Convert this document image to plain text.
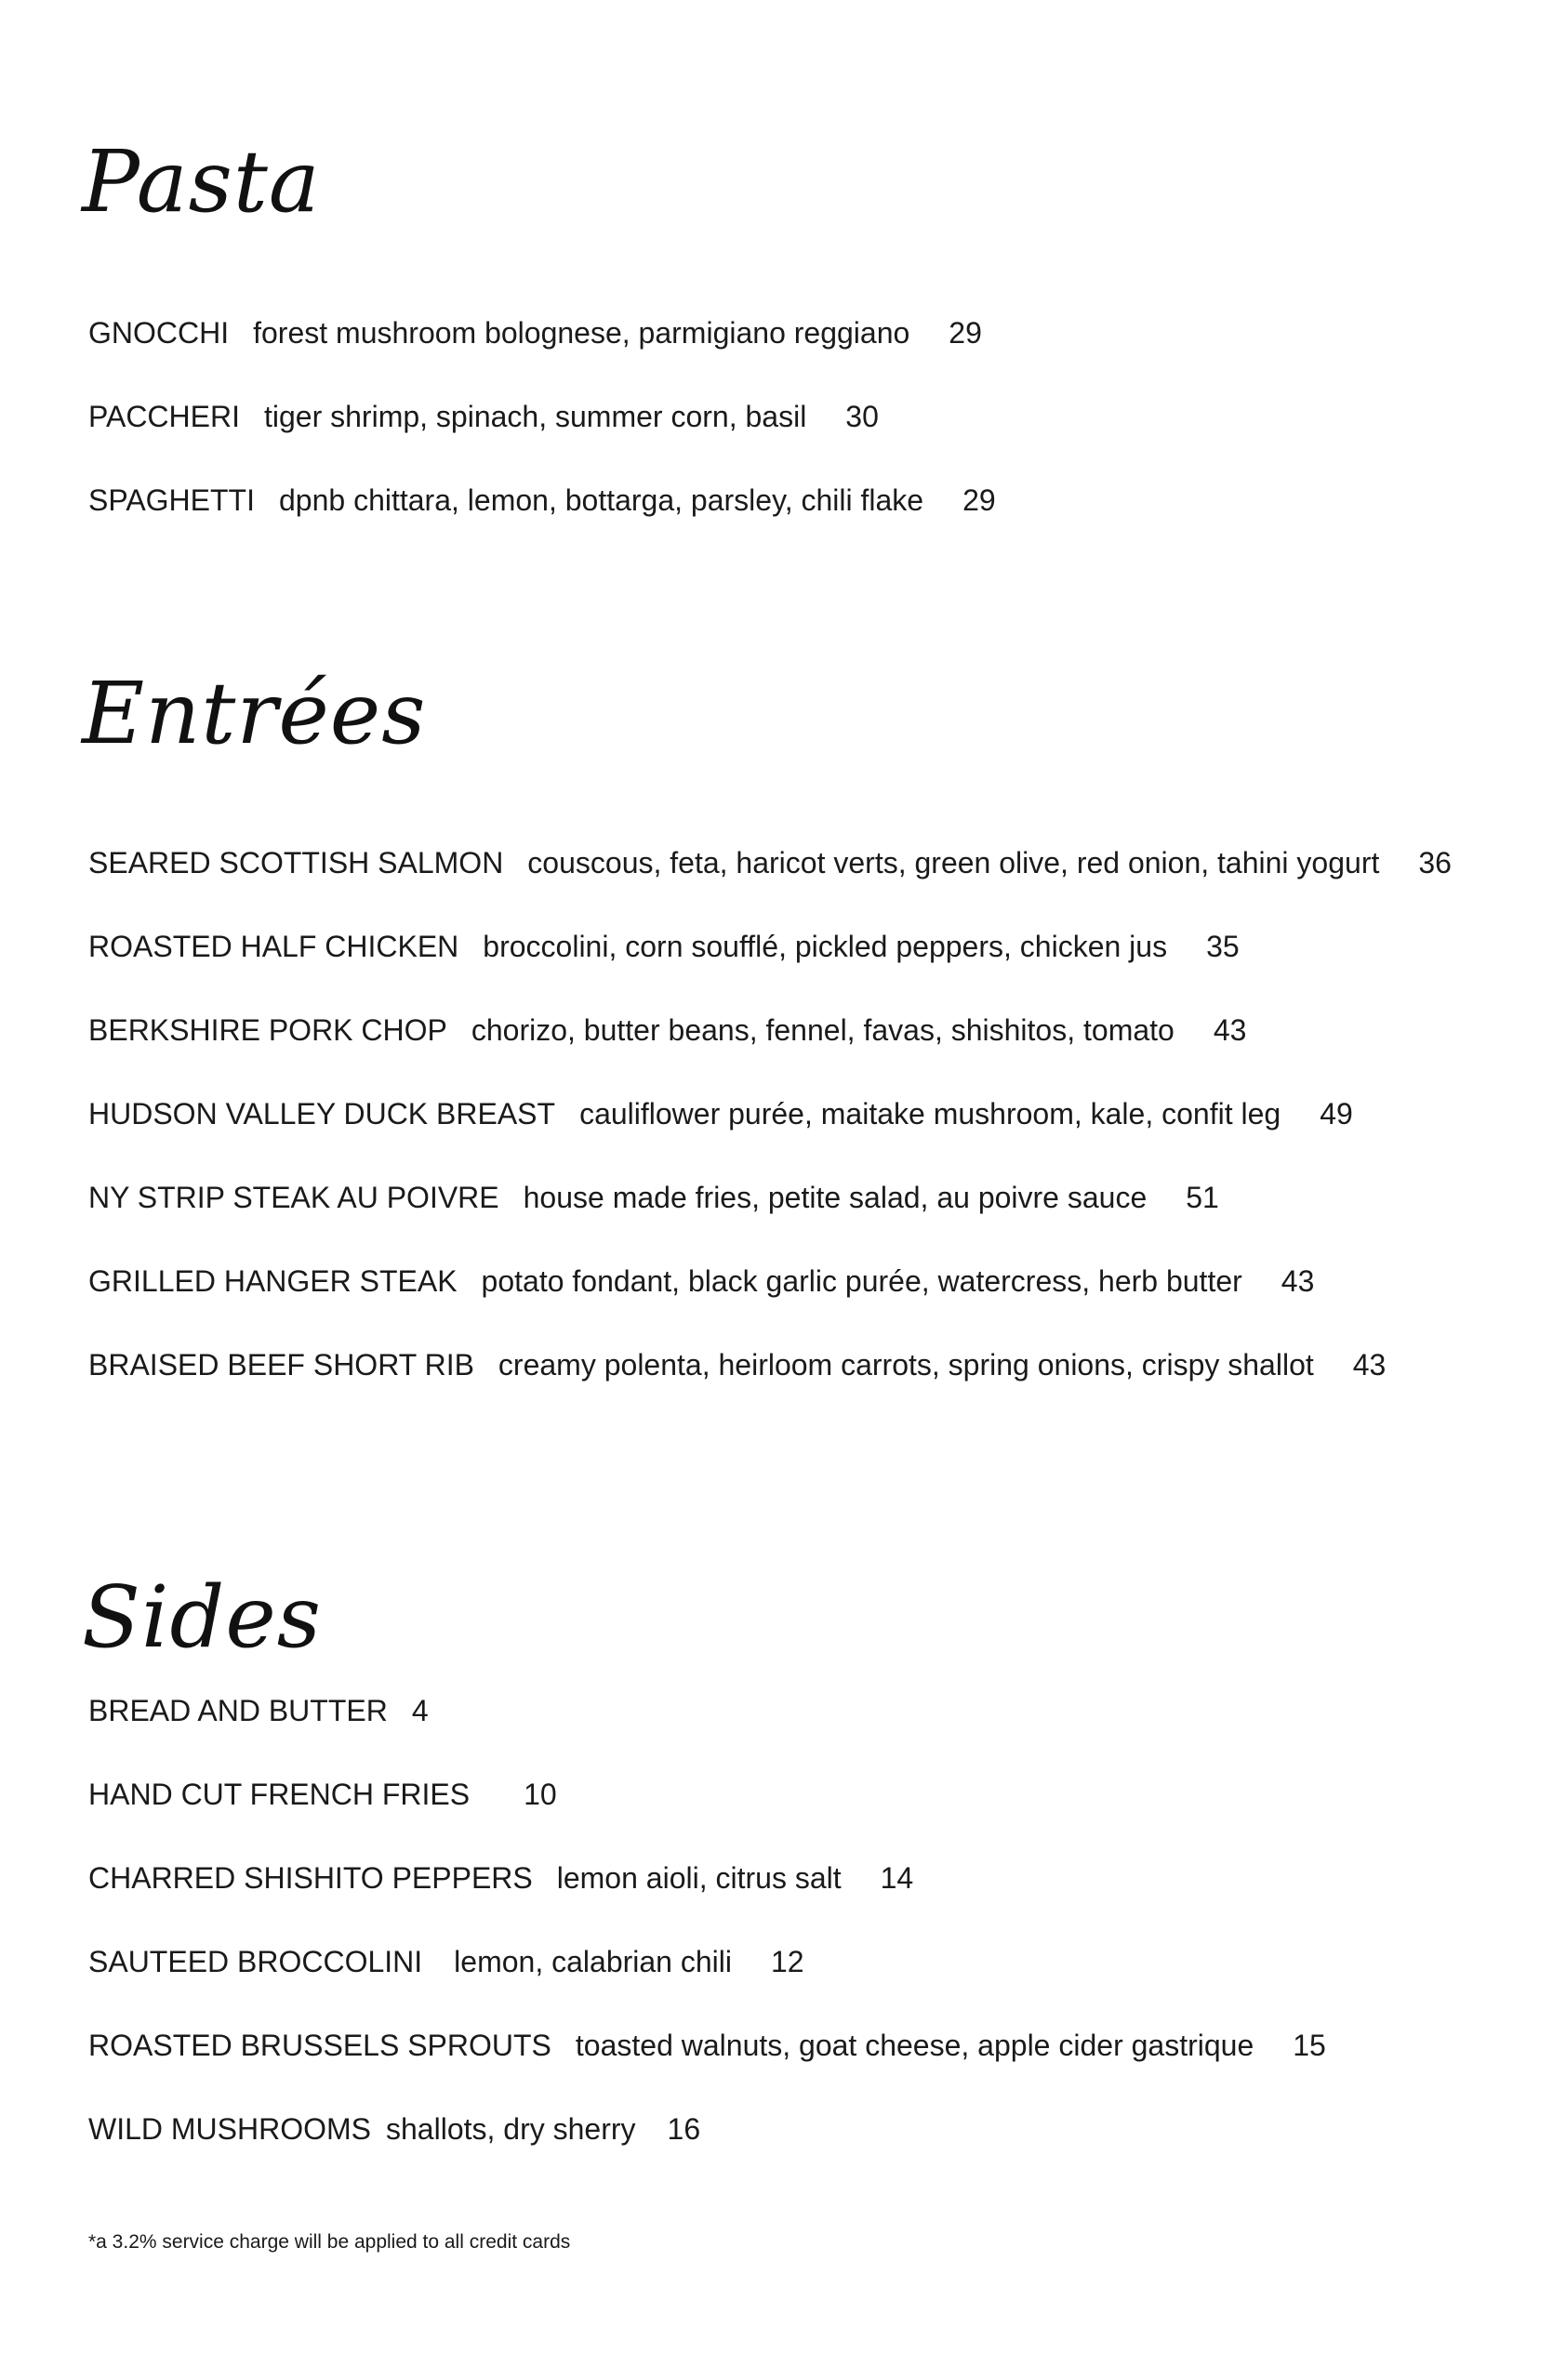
Pasta
GNOCCHI forest mushroom bolognese, parmigiano reggiano 29
PACCHERI tiger shrimp, spinach, summer corn, basil 30
SPAGHETTI dpnb chittara, lemon, bottarga, parsley, chili flake 29
Entrées
SEARED SCOTTISH SALMON couscous, feta, haricot verts, green olive, red onion, tahini yogurt 36
ROASTED HALF CHICKEN broccolini, corn soufflé, pickled peppers, chicken jus 35
BERKSHIRE PORK CHOP chorizo, butter beans, fennel, favas, shishitos, tomato 43
HUDSON VALLEY DUCK BREAST cauliflower purée, maitake mushroom, kale, confit leg 49
NY STRIP STEAK AU POIVRE house made fries, petite salad, au poivre sauce 51
GRILLED HANGER STEAK potato fondant, black garlic purée, watercress, herb butter 43
BRAISED BEEF SHORT RIB creamy polenta, heirloom carrots, spring onions, crispy shallot 43
Sides
BREAD AND BUTTER 4
HAND CUT FRENCH FRIES 10
CHARRED SHISHITO PEPPERS lemon aioli, citrus salt 14
SAUTEED BROCCOLINI lemon, calabrian chili 12
ROASTED BRUSSELS SPROUTS toasted walnuts, goat cheese, apple cider gastrique 15
WILD MUSHROOMS shallots, dry sherry 16
*a 3.2% service charge will be applied to all credit cards
